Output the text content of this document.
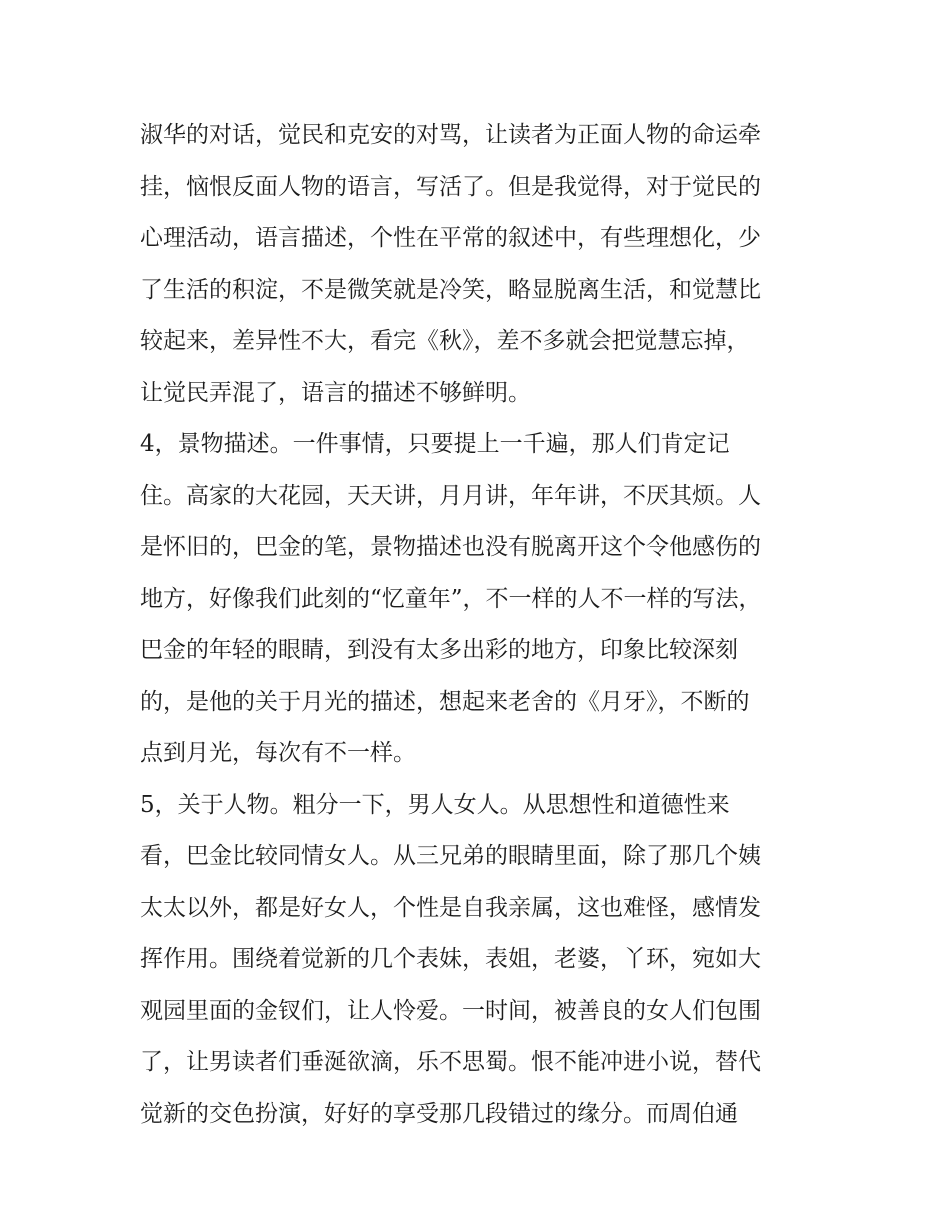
淑华的对话，觉民和克安的对骂，让读者为正面人物的命运牵
挂，恼恨反面人物的语言，写活了。但是我觉得，对于觉民的
心理活动，语言描述，个性在平常的叙述中，有些理想化，少
了生活的积淀，不是微笑就是冷笑，略显脱离生活，和觉慧比
较起来，差异性不大，看完《秋》，差不多就会把觉慧忘掉，
让觉民弄混了，语言的描述不够鲜明。
4，景物描述。一件事情，只要提上一千遍，那人们肯定记
住。高家的大花园，天天讲，月月讲，年年讲，不厌其烦。人
是怀旧的，巴金的笔，景物描述也没有脱离开这个令他感伤的
地方，好像我们此刻的“忆童年”，不一样的人不一样的写法，
巴金的年轻的眼睛，到没有太多出彩的地方，印象比较深刻
的，是他的关于月光的描述，想起来老舍的《月牙》，不断的
点到月光，每次有不一样。
5，关于人物。粗分一下，男人女人。从思想性和道德性来
看，巴金比较同情女人。从三兄弟的眼睛里面，除了那几个姨
太太以外，都是好女人，个性是自我亲属，这也难怪，感情发
挥作用。围绕着觉新的几个表妹，表姐，老婆，丫环，宛如大
观园里面的金钗们，让人怜爱。一时间，被善良的女人们包围
了，让男读者们垂涎欲滴，乐不思蜀。恨不能冲进小说，替代
觉新的交色扮演，好好的享受那几段错过的缘分。而周伯通
